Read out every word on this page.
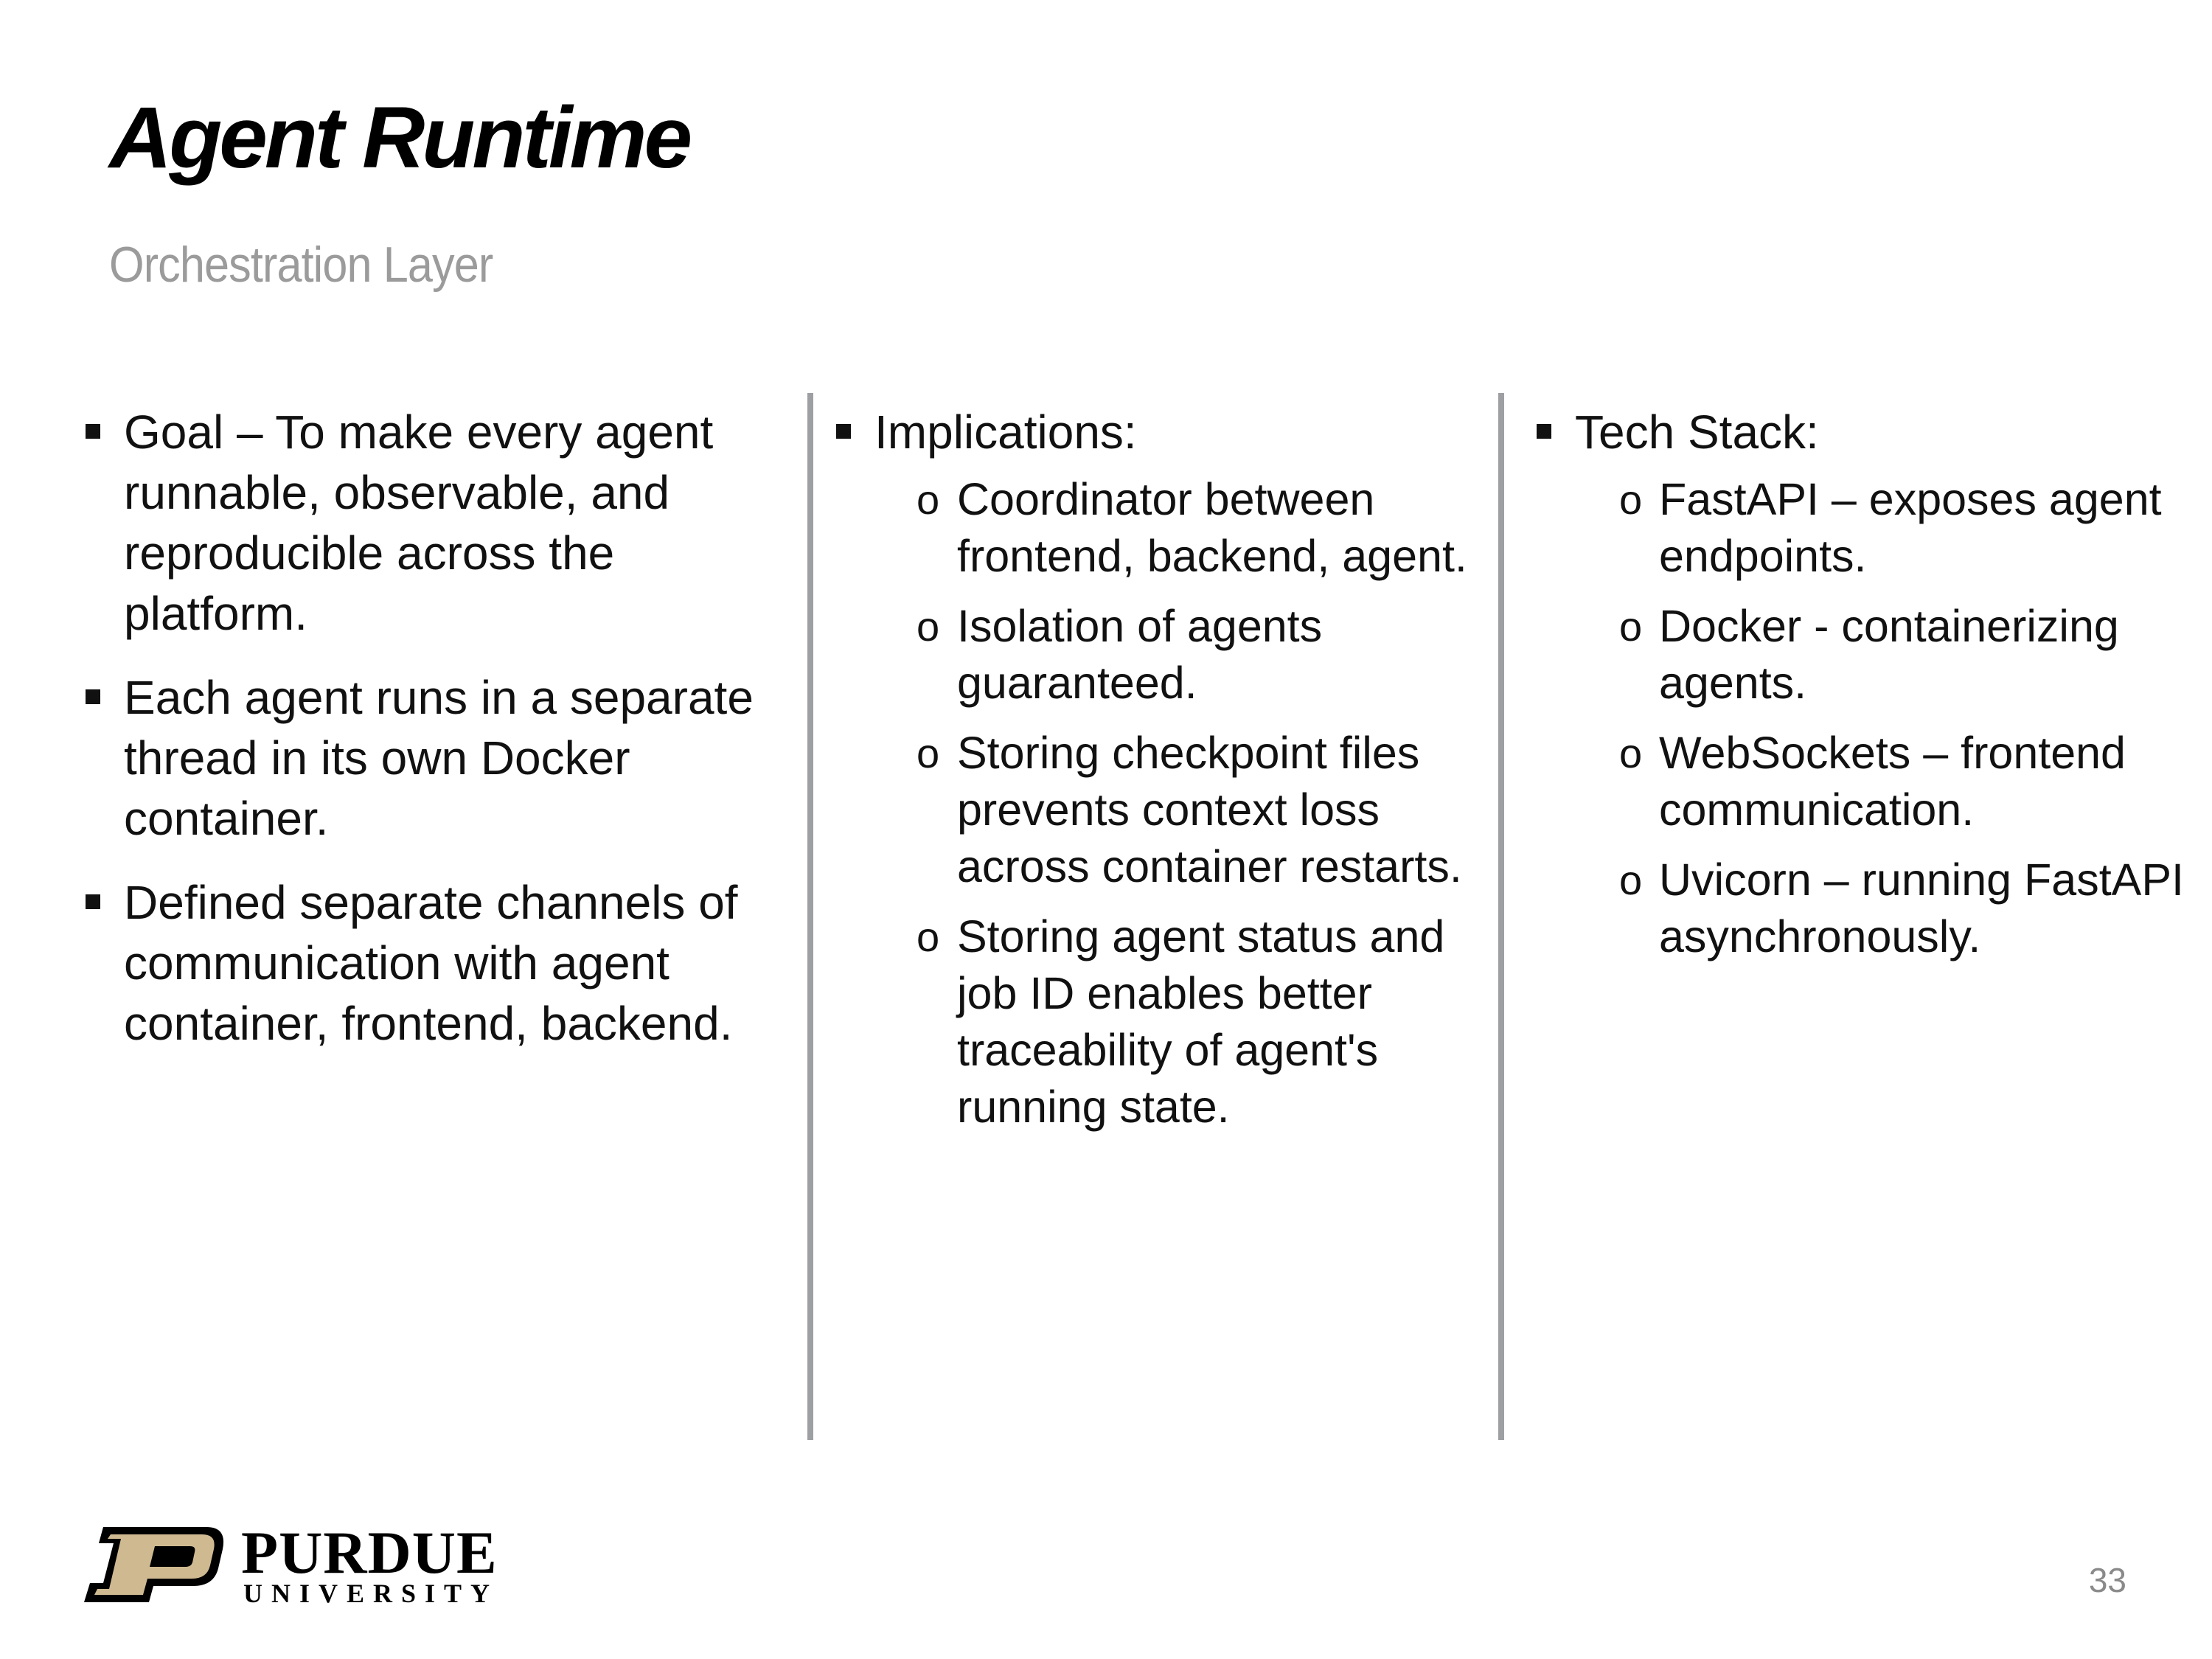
Agent Runtime
Orchestration Layer
Goal – To make every agent runnable, observable, and reproducible across the platform.
Each agent runs in a separate thread in its own Docker container.
Defined separate channels of communication with agent container, frontend, backend.
Implications:
o Coordinator between frontend, backend, agent.
o Isolation of agents guaranteed.
o Storing checkpoint files prevents context loss across container restarts.
o Storing agent status and job ID enables better traceability of agent's running state.
Tech Stack:
o FastAPI – exposes agent endpoints.
o Docker - containerizing agents.
o WebSockets – frontend communication.
o Uvicorn – running FastAPI asynchronously.
PURDUE
UNIVERSITY	33
